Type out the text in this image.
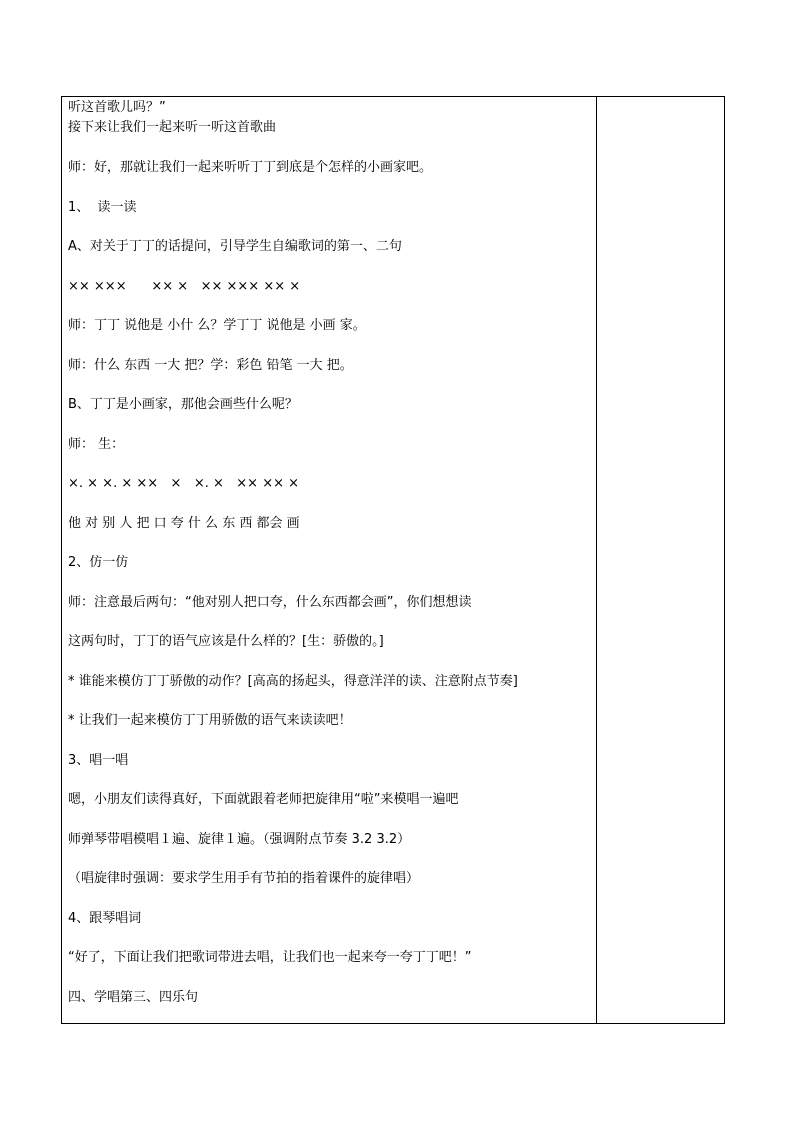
听这首歌儿吗？”
接下来让我们一起来听一听这首歌曲
师：好，那就让我们一起来听听丁丁到底是个怎样的小画家吧。
1、  读一读
A、对关于丁丁的话提问，引导学生自编歌词的第一、二句
×× ×××      ×× ×   ×× ××× ×× ×
师：丁丁 说他是 小什 么？学丁丁 说他是 小画 家。
师：什么 东西 一大 把？学：彩色 铅笔 一大 把。
B、丁丁是小画家，那他会画些什么呢？
师： 生：
×. × ×. × ××   ×   ×. ×   ×× ×× ×
他 对 别 人 把 口 夸 什 么 东 西 都会 画
2、仿一仿
师：注意最后两句：“他对别人把口夸，什么东西都会画”，你们想想读
这两句时，丁丁的语气应该是什么样的？[生：骄傲的。]
* 谁能来模仿丁丁骄傲的动作？[高高的扬起头，得意洋洋的读、注意附点节奏]
* 让我们一起来模仿丁丁用骄傲的语气来读读吧！
3、唱一唱
嗯，小朋友们读得真好，下面就跟着老师把旋律用“啦”来模唱一遍吧
师弹琴带唱模唱１遍、旋律１遍。（强调附点节奏 3.2 3.2）
（唱旋律时强调：要求学生用手有节拍的指着课件的旋律唱）
4、跟琴唱词
“好了，下面让我们把歌词带进去唱，让我们也一起来夸一夸丁丁吧！”
四、学唱第三、四乐句
